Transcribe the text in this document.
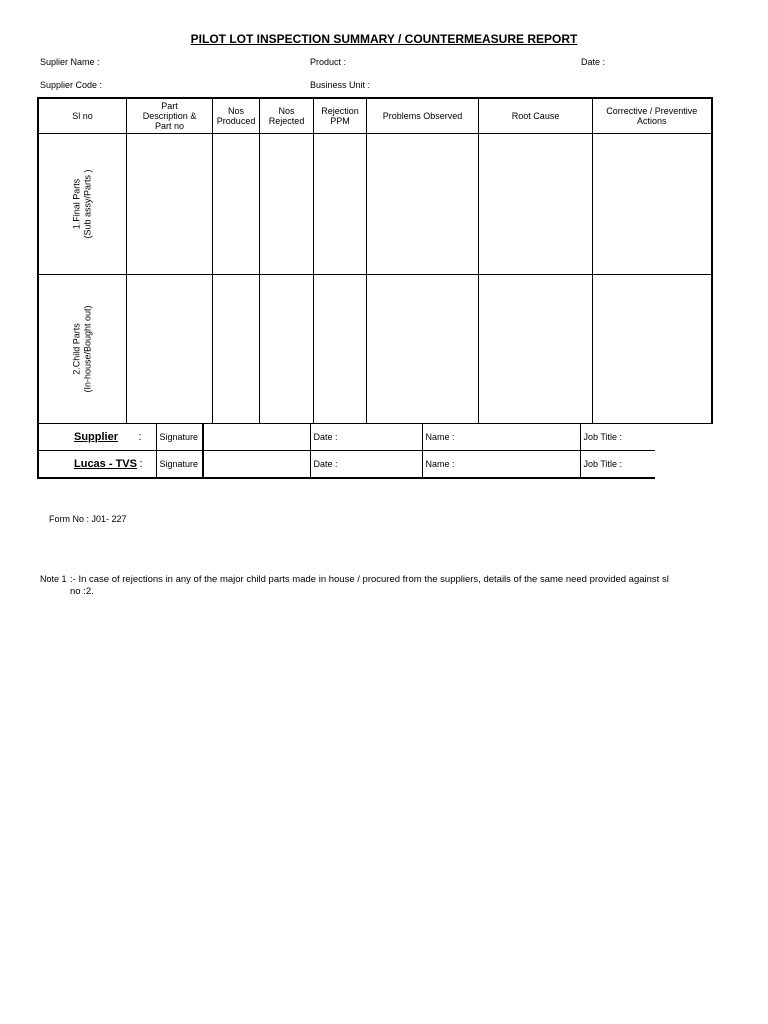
PILOT LOT INSPECTION SUMMARY / COUNTERMEASURE REPORT
Suplier Name :	Product :	Date :
Supplier Code :	Business Unit :
Sl no	Part Description & Part no	Nos Produced	Nos Rejected	Rejection PPM	Problems Observed	Root Cause	Corrective / Preventive Actions
1.Final Parts
(Sub assy/Parts )							
2.Child Parts
(In-house/Bought out)							
Supplier :	Signature		Date :	Name :	Job Title :
Lucas - TVS :	Signature		Date :	Name :	Job Title :
Form No : J01- 227
Note 1 :- In case of rejections in any of the major child parts made in house / procured from the suppliers, details of the same need provided against sl no :2.
